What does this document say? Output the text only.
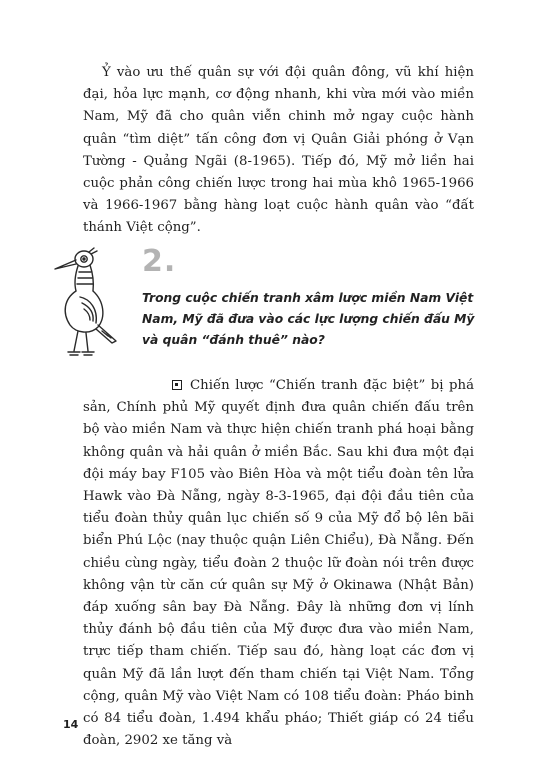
Ỷ vào ưu thế quân sự với đội quân đông, vũ khí hiện đại, hỏa lực mạnh, cơ động nhanh, khi vừa mới vào miền Nam, Mỹ đã cho quân viễn chinh mở ngay cuộc hành quân “tìm diệt” tấn công đơn vị Quân Giải phóng ở Vạn Tường - Quảng Ngãi (8-1965). Tiếp đó, Mỹ mở liền hai cuộc phản công chiến lược trong hai mùa khô 1965-1966 và 1966-1967 bằng hàng loạt cuộc hành quân vào “đất thánh Việt cộng”.

2.

Trong cuộc chiến tranh xâm lược miền Nam Việt Nam, Mỹ đã đưa vào các lực lượng chiến đấu Mỹ và quân “đánh thuê” nào?

Chiến lược “Chiến tranh đặc biệt” bị phá sản, Chính phủ Mỹ quyết định đưa quân chiến đấu trên bộ vào miền Nam và thực hiện chiến tranh phá hoại bằng không quân và hải quân ở miền Bắc. Sau khi đưa một đại đội máy bay F105 vào Biên Hòa và một tiểu đoàn tên lửa Hawk vào Đà Nẵng, ngày 8-3-1965, đại đội đầu tiên của tiểu đoàn thủy quân lục chiến số 9 của Mỹ đổ bộ lên bãi biển Phú Lộc (nay thuộc quận Liên Chiểu), Đà Nẵng. Đến chiều cùng ngày, tiểu đoàn 2 thuộc lữ đoàn nói trên được không vận từ căn cứ quân sự Mỹ ở Okinawa (Nhật Bản) đáp xuống sân bay Đà Nẵng. Đây là những đơn vị lính thủy đánh bộ đầu tiên của Mỹ được đưa vào miền Nam, trực tiếp tham chiến. Tiếp sau đó, hàng loạt các đơn vị quân Mỹ đã lần lượt đến tham chiến tại Việt Nam. Tổng cộng, quân Mỹ vào Việt Nam có 108 tiểu đoàn: Pháo binh có 84 tiểu đoàn, 1.494 khẩu pháo; Thiết giáp có 24 tiểu đoàn, 2902 xe tăng và

14
